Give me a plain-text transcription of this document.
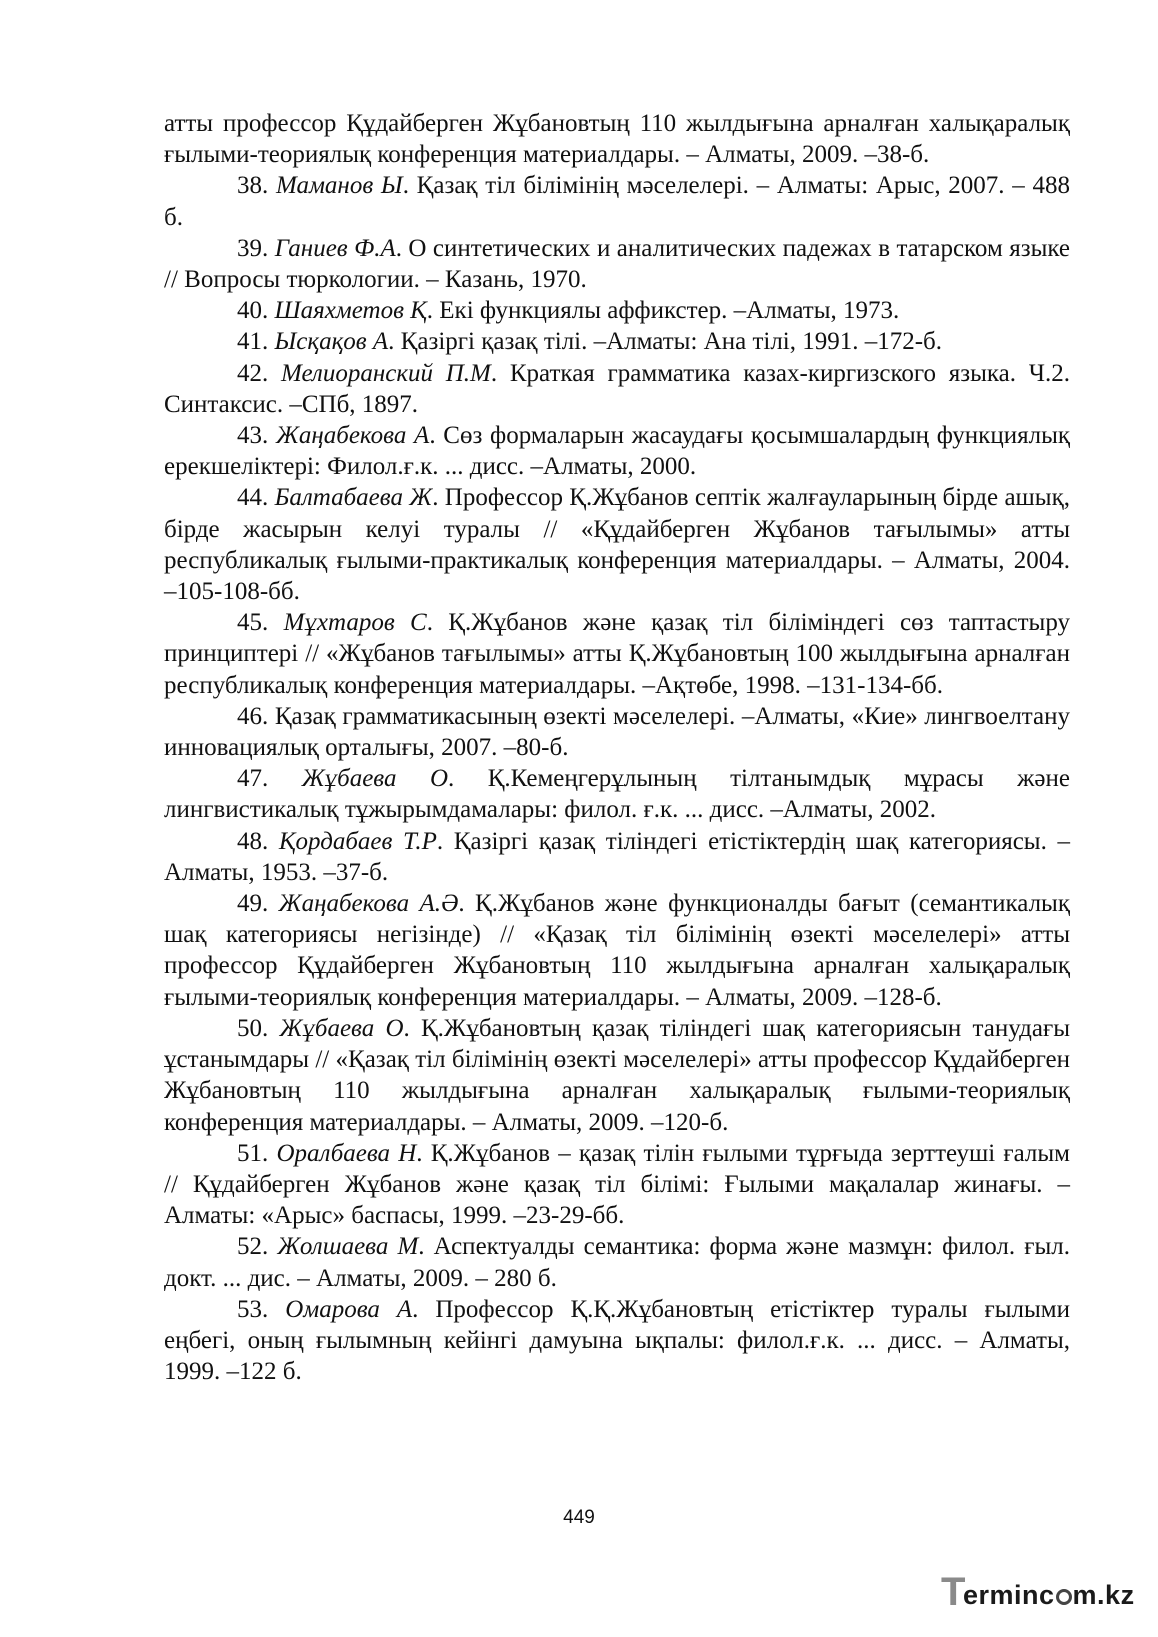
атты профессор Құдайберген Жұбановтың 110 жылдығына арналған халықаралық ғылыми-теориялық конференция материалдары. – Алматы, 2009. –38-б.

38. Маманов Ы. Қазақ тіл білімінің мәселелері. – Алматы: Арыс, 2007. – 488 б.

39. Ганиев Ф.А. О синтетических и аналитических падежах в татарском языке // Вопросы тюркологии. – Казань, 1970.

40. Шаяхметов Қ. Екі функциялы аффикстер. –Алматы, 1973.

41. Ысқақов А. Қазіргі қазақ тілі. –Алматы: Ана тілі, 1991. –172-б.

42. Мелиоранский П.М. Краткая грамматика казах-киргизского языка. Ч.2. Синтаксис. –СПб, 1897.

43. Жаңабекова А. Сөз формаларын жасаудағы қосымшалардың функциялық ерекшеліктері: Филол.ғ.к. ... дисс. –Алматы, 2000.

44. Балтабаева Ж. Профессор Қ.Жұбанов септік жалғауларының бірде ашық, бірде жасырын келуі туралы // «Құдайберген Жұбанов тағылымы» атты республикалық ғылыми-практикалық конференция материалдары. – Алматы, 2004. –105-108-бб.

45. Мұхтаров С. Қ.Жұбанов және қазақ тіл біліміндегі сөз таптастыру принциптері // «Жұбанов тағылымы» атты Қ.Жұбановтың 100 жылдығына арналған республикалық конференция материалдары. –Ақтөбе, 1998. –131-134-бб.

46. Қазақ грамматикасының өзекті мәселелері. –Алматы, «Кие» лингвоелтану инновациялық орталығы, 2007. –80-б.

47. Жұбаева О. Қ.Кемеңгерұлының тілтанымдық мұрасы және лингвистикалық тұжырымдамалары: филол. ғ.к. ... дисс. –Алматы, 2002.

48. Қордабаев Т.Р. Қазіргі қазақ тіліндегі етістіктердің шақ категориясы. – Алматы, 1953. –37-б.

49. Жаңабекова А.Ә. Қ.Жұбанов және функционалды бағыт (семантикалық шақ категориясы негізінде) // «Қазақ тіл білімінің өзекті мәселелері» атты профессор Құдайберген Жұбановтың 110 жылдығына арналған халықаралық ғылыми-теориялық конференция материалдары. – Алматы, 2009. –128-б.

50. Жұбаева О. Қ.Жұбановтың қазақ тіліндегі шақ категориясын танудағы ұстанымдары // «Қазақ тіл білімінің өзекті мәселелері» атты профессор Құдайберген Жұбановтың 110 жылдығына арналған халықаралық ғылыми-теориялық конференция материалдары. – Алматы, 2009. –120-б.

51. Оралбаева Н. Қ.Жұбанов – қазақ тілін ғылыми тұрғыда зерттеуші ғалым // Құдайберген Жұбанов және қазақ тіл білімі: Ғылыми мақалалар жинағы. –Алматы: «Арыс» баспасы, 1999. –23-29-бб.

52. Жолшаева М. Аспектуалды семантика: форма және мазмұн: филол. ғыл. докт. ... дис. – Алматы, 2009. – 280 б.

53. Омарова А. Профессор Қ.Қ.Жұбановтың етістіктер туралы ғылыми еңбегі, оның ғылымның кейінгі дамуына ықпалы: филол.ғ.к. ... дисс. – Алматы, 1999. –122 б.

449
T
erminc m.kz
